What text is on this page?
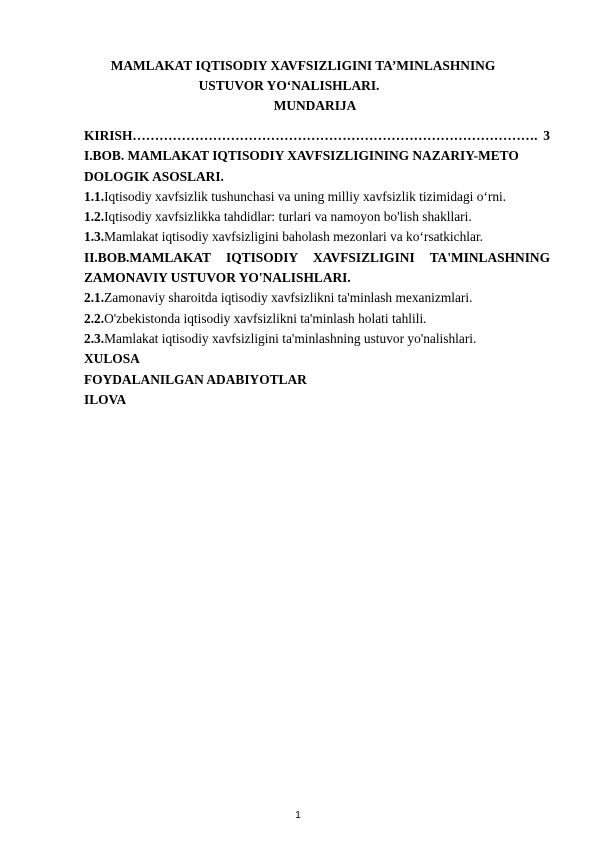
MAMLAKAT IQTISODIY XAVFSIZLIGINI TA’MINLASHNING
USTUVOR YO‘NALISHLARI.
MUNDARIJA
KIRISH ………………………………………………………………………………. 3
I.BOB. MAMLAKAT IQTISODIY XAVFSIZLIGINING NAZARIY-METO
DOLOGIK ASOSLARI.
1.1.Iqtisodiy xavfsizlik tushunchasi va uning milliy xavfsizlik tizimidagi o‘rni.
1.2.Iqtisodiy xavfsizlikka tahdidlar: turlari va namoyon bo'lish shakllari.
1.3.Mamlakat iqtisodiy xavfsizligini baholash mezonlari va ko‘rsatkichlar.
II.BOB.MAMLAKAT IQTISODIY XAVFSIZLIGINI TA'MINLASHNING
ZAMONAVIY USTUVOR YO'NALISHLARI.
2.1.Zamonaviy sharoitda iqtisodiy xavfsizlikni ta'minlash mexanizmlari.
2.2.O'zbekistonda iqtisodiy xavfsizlikni ta'minlash holati tahlili.
2.3.Mamlakat iqtisodiy xavfsizligini ta'minlashning ustuvor yo'nalishlari.
XULOSA
FOYDALANILGAN ADABIYOTLAR
ILOVA
1
